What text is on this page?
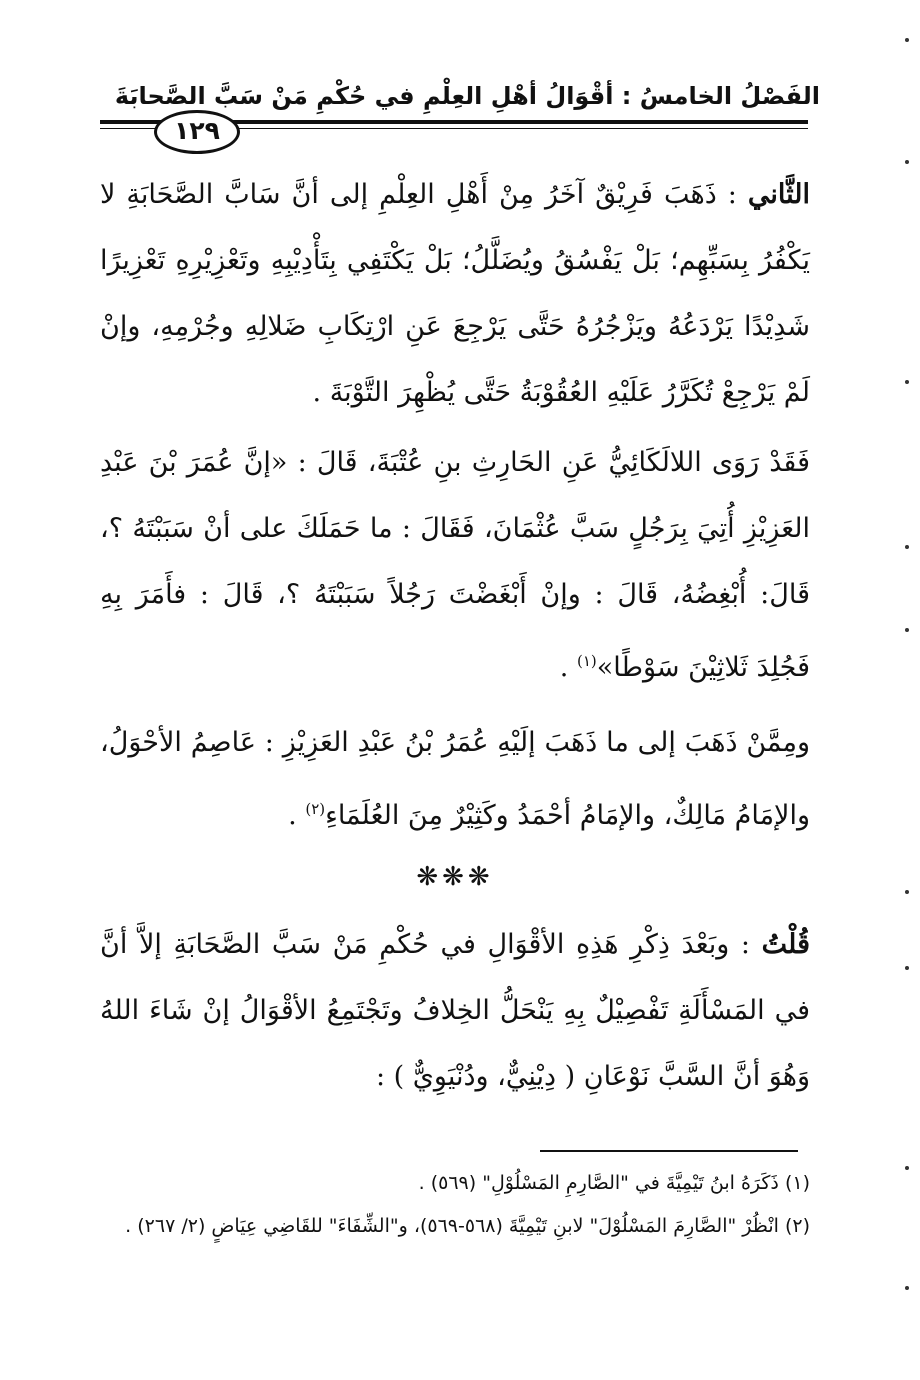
الفَصْلُ الخامسُ : أقْوَالُ أهْلِ العِلْمِ في حُكْمِ مَنْ سَبَّ الصَّحابَةَ
١٢٩
الثَّاني : ذَهَبَ فَرِيْقٌ آخَرُ مِنْ أَهْلِ العِلْمِ إلى أنَّ سَابَّ الصَّحَابَةِ لا يَكْفُرُ بِسَبِّهِم؛ بَلْ يَفْسُقُ ويُضَلَّلُ؛ بَلْ يَكْتَفِي بِتَأْدِيْبِهِ وتَعْزِيْرِهِ تَعْزِيرًا شَدِيْدًا يَرْدَعُهُ ويَزْجُرُهُ حَتَّى يَرْجِعَ عَنِ ارْتِكَابِ ضَلالِهِ وجُرْمِهِ، وإنْ لَمْ يَرْجِعْ تُكَرَّرُ عَلَيْهِ العُقُوْبَةُ حَتَّى يُظْهِرَ التَّوْبَةَ .
فَقَدْ رَوَى اللالَكَائِيُّ عَنِ الحَارِثِ بنِ عُتْبَةَ، قَالَ : «إنَّ عُمَرَ بْنَ عَبْدِ العَزِيْزِ أُتِيَ بِرَجُلٍ سَبَّ عُثْمَانَ، فَقَالَ : ما حَمَلَكَ على أنْ سَبَبْتَهُ ؟، قَالَ: أُبْغِضُهُ، قَالَ : وإنْ أَبْغَضْتَ رَجُلاً سَبَبْتَهُ ؟، قَالَ : فأَمَرَ بِهِ فَجُلِدَ ثَلاثِيْنَ سَوْطًا»$^{(١)}$ .
ومِمَّنْ ذَهَبَ إلى ما ذَهَبَ إلَيْهِ عُمَرُ بْنُ عَبْدِ العَزِيْزِ : عَاصِمُ الأحْوَلُ، والإمَامُ مَالِكٌ، والإمَامُ أحْمَدُ وكَثِيْرٌ مِنَ العُلَمَاءِ$^{(٢)}$ .
❋❋❋
قُلْتُ : وبَعْدَ ذِكْرِ هَذِهِ الأقْوَالِ في حُكْمِ مَنْ سَبَّ الصَّحَابَةِ إلاَّ أنَّ في المَسْأَلَةِ تَفْصِيْلٌ بِهِ يَنْحَلُّ الخِلافُ وتَجْتَمِعُ الأقْوَالُ إنْ شَاءَ اللهُ وَهُوَ أنَّ السَّبَّ نَوْعَانِ ( دِيْنِيٌّ، ودُنْيَوِيٌّ ) :

(١) ذَكَرَهُ ابنُ تَيْمِيَّةَ في "الصَّارِمِ المَسْلُوْلِ" (٥٦٩) .

(٢) انْظُرْ "الصَّارِمَ المَسْلُوْلَ" لابنِ تَيْمِيَّةَ (٥٦٨-٥٦٩)، و"الشِّفَاءَ" للقَاضِي عِيَاضٍ (٢/ ٢٦٧) .
